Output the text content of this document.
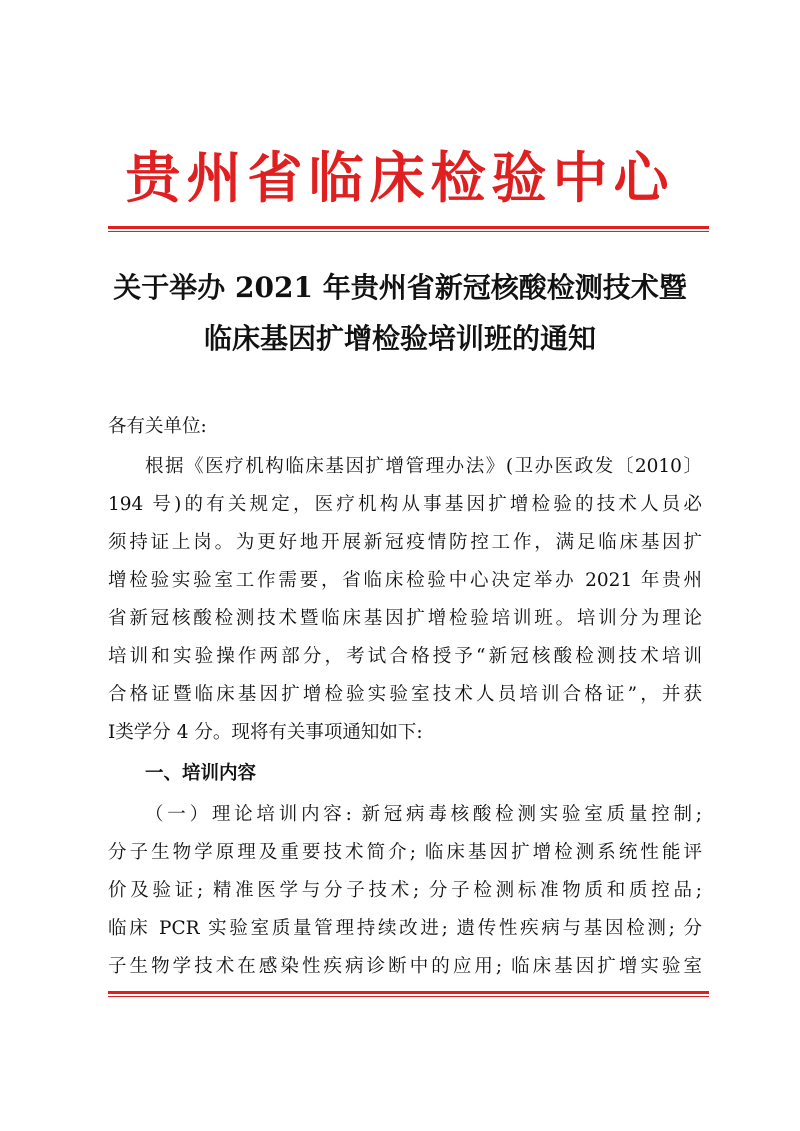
贵州省临床检验中心
关于举办 2021 年贵州省新冠核酸检测技术暨
临床基因扩增检验培训班的通知
各有关单位:
根据《医疗机构临床基因扩增管理办法》(卫办医政发〔2010〕
194 号)的有关规定，医疗机构从事基因扩增检验的技术人员必
须持证上岗。为更好地开展新冠疫情防控工作，满足临床基因扩
增检验实验室工作需要，省临床检验中心决定举办 2021 年贵州
省新冠核酸检测技术暨临床基因扩增检验培训班。培训分为理论
培训和实验操作两部分，考试合格授予“新冠核酸检测技术培训
合格证暨临床基因扩增检验实验室技术人员培训合格证”，并获
Ⅰ类学分 4 分。现将有关事项通知如下:
一、培训内容
（一）理论培训内容: 新冠病毒核酸检测实验室质量控制;
分子生物学原理及重要技术简介; 临床基因扩增检测系统性能评
价及验证; 精准医学与分子技术; 分子检测标准物质和质控品;
临床 PCR 实验室质量管理持续改进; 遗传性疾病与基因检测; 分
子生物学技术在感染性疾病诊断中的应用; 临床基因扩增实验室
